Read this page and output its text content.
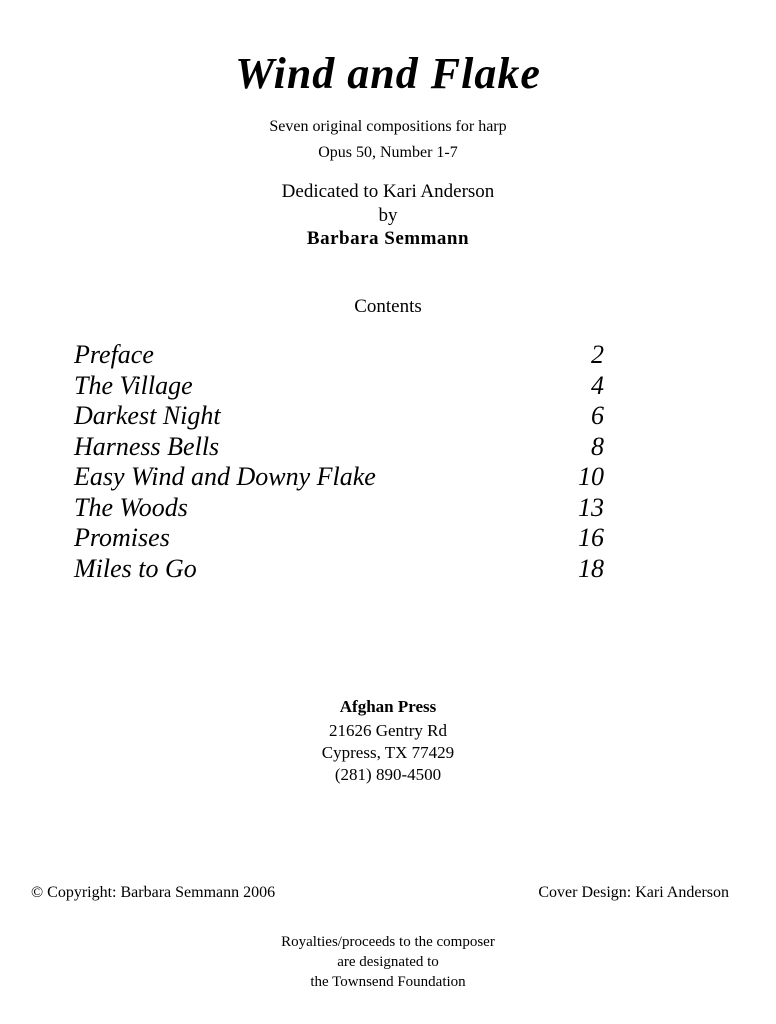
Wind and Flake
Seven original compositions for harp
Opus 50, Number 1-7
Dedicated to Kari Anderson
by
Barbara Semmann
Contents
Preface	2
The Village	4
Darkest Night	6
Harness Bells	8
Easy Wind and Downy Flake	10
The Woods	13
Promises	16
Miles to Go	18
Afghan Press
21626 Gentry Rd
Cypress, TX 77429
(281) 890-4500
© Copyright: Barbara Semmann 2006	Cover Design: Kari Anderson
Royalties/proceeds to the composer
are designated to
the Townsend Foundation
